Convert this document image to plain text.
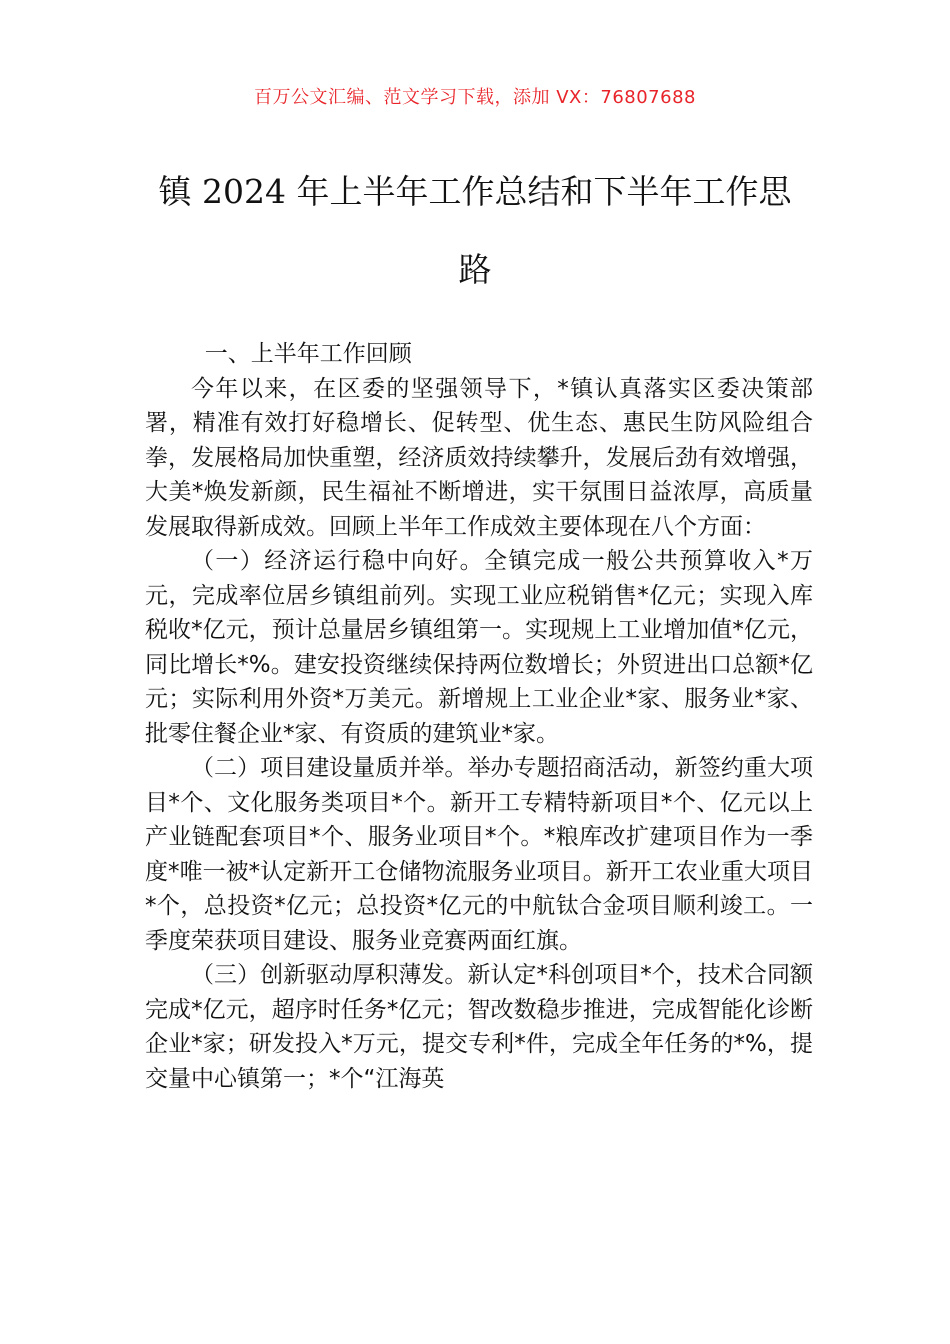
百万公文汇编、范文学习下载，添加 VX：76807688
镇 2024 年上半年工作总结和下半年工作思
路

一、上半年工作回顾

今年以来，在区委的坚强领导下，*镇认真落实区委决策部署，精准有效打好稳增长、促转型、优生态、惠民生防风险组合拳，发展格局加快重塑，经济质效持续攀升，发展后劲有效增强，大美*焕发新颜，民生福祉不断增进，实干氛围日益浓厚，高质量发展取得新成效。回顾上半年工作成效主要体现在八个方面：

（一）经济运行稳中向好。全镇完成一般公共预算收入*万元，完成率位居乡镇组前列。实现工业应税销售*亿元；实现入库税收*亿元，预计总量居乡镇组第一。实现规上工业增加值*亿元，同比增长*%。建安投资继续保持两位数增长；外贸进出口总额*亿元；实际利用外资*万美元。新增规上工业企业*家、服务业*家、批零住餐企业*家、有资质的建筑业*家。

（二）项目建设量质并举。举办专题招商活动，新签约重大项目*个、文化服务类项目*个。新开工专精特新项目*个、亿元以上产业链配套项目*个、服务业项目*个。*粮库改扩建项目作为一季度*唯一被*认定新开工仓储物流服务业项目。新开工农业重大项目*个，总投资*亿元；总投资*亿元的中航钛合金项目顺利竣工。一季度荣获项目建设、服务业竞赛两面红旗。

（三）创新驱动厚积薄发。新认定*科创项目*个，技术合同额完成*亿元，超序时任务*亿元；智改数稳步推进，完成智能化诊断企业*家；研发投入*万元，提交专利*件，完成全年任务的*%，提交量中心镇第一；*个“江海英
